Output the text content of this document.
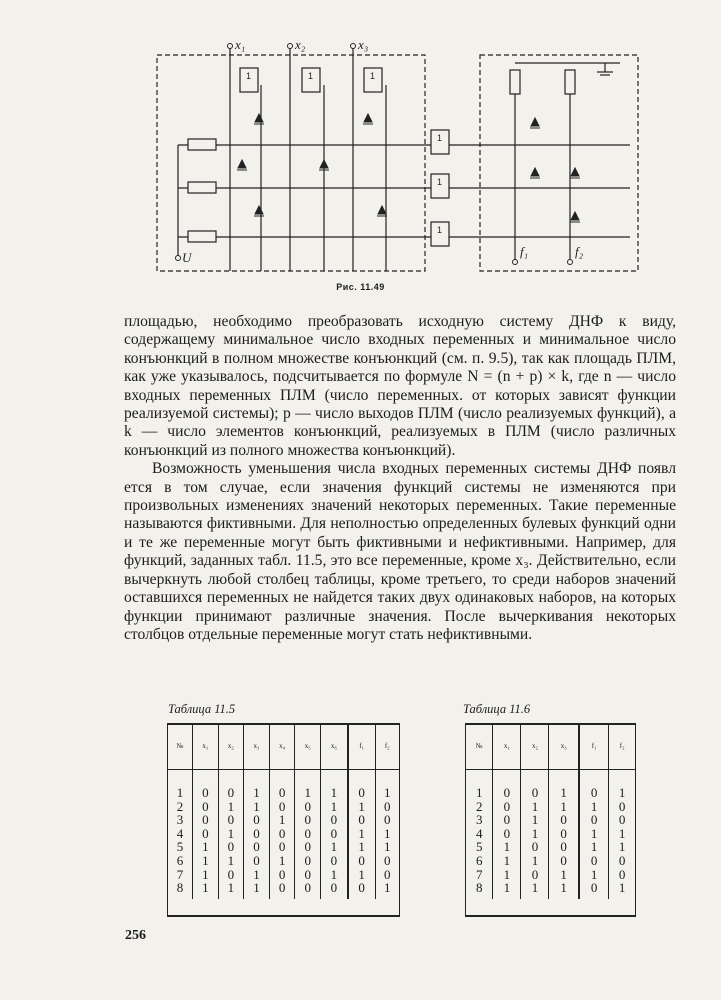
x₁	x₂	x₃
U	f₁	f₂
1	1	1
1
1
1
Рис. 11.49

площадью, необходимо преобразовать исходную систему ДНФ к виду, содержащему минимальное число входных переменных и минимальное число конъюнкций в полном множестве конъюнкций (см. п. 9.5), так как площадь ПЛМ, как уже указывалось, подсчитывается по формуле N = (n + p) × k, где n — число входных переменных ПЛМ (число переменных. от которых зависят функции реализуемой системы); p — число выходов ПЛМ (число реализуемых функций), а k — число элементов конъюнкций, реализуемых в ПЛМ (число различных конъюнкций из полного множества конъюнкций).

Возможность уменьшения числа входных переменных системы ДНФ появл ется в том случае, если значения функций системы не изменяются при произвольных изменениях значений некоторых переменных. Такие переменные называются фиктивными. Для неполностью определенных булевых функций одни и те же переменные могут быть фиктивными и нефиктивными. Например, для функций, заданных табл. 11.5, это все переменные, кроме x₃. Действительно, если вычеркнуть любой столбец таблицы, кроме третьего, то среди наборов значений оставшихся переменных не найдется таких двух одинаковых наборов, на которых функции принимают различные значения. После вычеркивания некоторых столбцов отдельные переменные могут стать нефиктивными.

Таблица 11.5
№	x₁	x₂	x₃	x₄	x₅	x₆	f₁	f₂
1	0	0	1	0	1	1	0	1
2	0	1	1	0	0	1	1	0
3	0	0	0	1	0	0	0	0
4	0	1	0	0	0	0	1	1
5	1	0	0	0	0	1	1	1
6	1	1	0	1	0	0	0	0
7	1	0	1	0	0	1	1	0
8	1	1	1	0	0	0	0	1
Таблица 11.6
№	x₁	x₂	x₃	f₁	f₂
1	0	0	1	0	1
2	0	1	1	1	0
3	0	1	0	0	0
4	0	1	0	1	1
5	1	0	0	1	1
6	1	1	0	0	0
7	1	0	1	1	0
8	1	1	1	0	1
256
